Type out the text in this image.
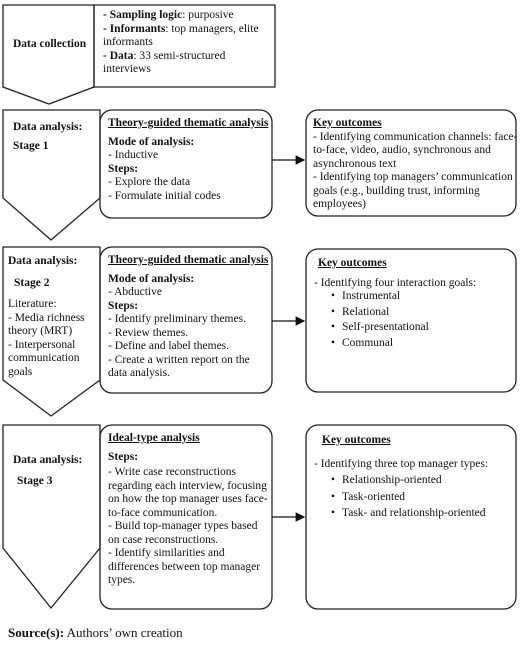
Data collection
- Sampling logic: purposive
- Informants: top managers, elite
informants
- Data: 33 semi-structured
interviews
Data analysis:
Stage 1
Theory-guided thematic analysis
Mode of analysis:
- Inductive
Steps:
- Explore the data
- Formulate initial codes
Key outcomes
- Identifying communication channels: face-
to-face, video, audio, synchronous and
asynchronous text
- Identifying top managers’ communication
goals (e.g., building trust, informing
employees)
Data analysis:
Stage 2
Literature:
- Media richness
theory (MRT)
- Interpersonal
communication
goals
Theory-guided thematic analysis
Mode of analysis:
- Abductive
Steps:
- Identify preliminary themes.
- Review themes.
- Define and label themes.
- Create a written report on the
data analysis.
Key outcomes
- Identifying four interaction goals:
• Instrumental
• Relational
• Self-presentational
• Communal
Data analysis:
Stage 3
Ideal-type analysis
Steps:
- Write case reconstructions
regarding each interview, focusing
on how the top manager uses face-
to-face communication.
- Build top-manager types based
on case reconstructions.
- Identify similarities and
differences between top manager
types.
Key outcomes
- Identifying three top manager types:
• Relationship-oriented
• Task-oriented
• Task- and relationship-oriented
Source(s): Authors’ own creation
